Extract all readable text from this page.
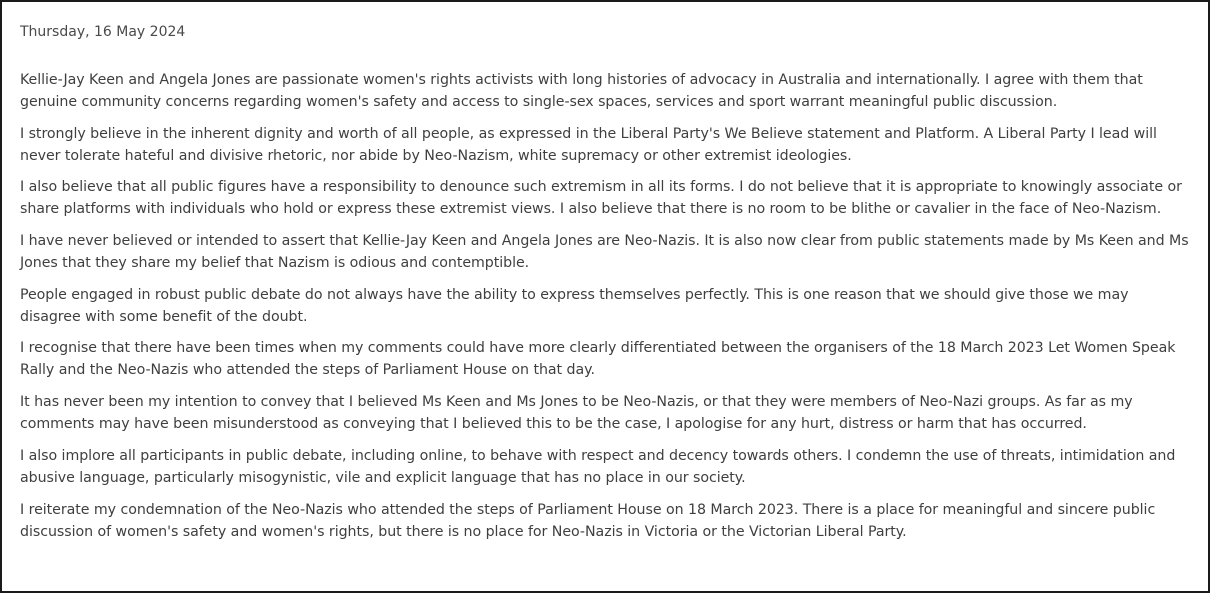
Thursday, 16 May 2024

Kellie-Jay Keen and Angela Jones are passionate women's rights activists with long histories of advocacy in Australia and internationally. I agree with them that genuine community concerns regarding women's safety and access to single-sex spaces, services and sport warrant meaningful public discussion.

I strongly believe in the inherent dignity and worth of all people, as expressed in the Liberal Party's We Believe statement and Platform. A Liberal Party I lead will never tolerate hateful and divisive rhetoric, nor abide by Neo-Nazism, white supremacy or other extremist ideologies.

I also believe that all public figures have a responsibility to denounce such extremism in all its forms. I do not believe that it is appropriate to knowingly associate or share platforms with individuals who hold or express these extremist views. I also believe that there is no room to be blithe or cavalier in the face of Neo-Nazism.

I have never believed or intended to assert that Kellie-Jay Keen and Angela Jones are Neo-Nazis. It is also now clear from public statements made by Ms Keen and Ms Jones that they share my belief that Nazism is odious and contemptible.

People engaged in robust public debate do not always have the ability to express themselves perfectly. This is one reason that we should give those we may disagree with some benefit of the doubt.

I recognise that there have been times when my comments could have more clearly differentiated between the organisers of the 18 March 2023 Let Women Speak Rally and the Neo-Nazis who attended the steps of Parliament House on that day.

It has never been my intention to convey that I believed Ms Keen and Ms Jones to be Neo-Nazis, or that they were members of Neo-Nazi groups. As far as my comments may have been misunderstood as conveying that I believed this to be the case, I apologise for any hurt, distress or harm that has occurred.

I also implore all participants in public debate, including online, to behave with respect and decency towards others. I condemn the use of threats, intimidation and abusive language, particularly misogynistic, vile and explicit language that has no place in our society.

I reiterate my condemnation of the Neo-Nazis who attended the steps of Parliament House on 18 March 2023. There is a place for meaningful and sincere public discussion of women's safety and women's rights, but there is no place for Neo-Nazis in Victoria or the Victorian Liberal Party.
